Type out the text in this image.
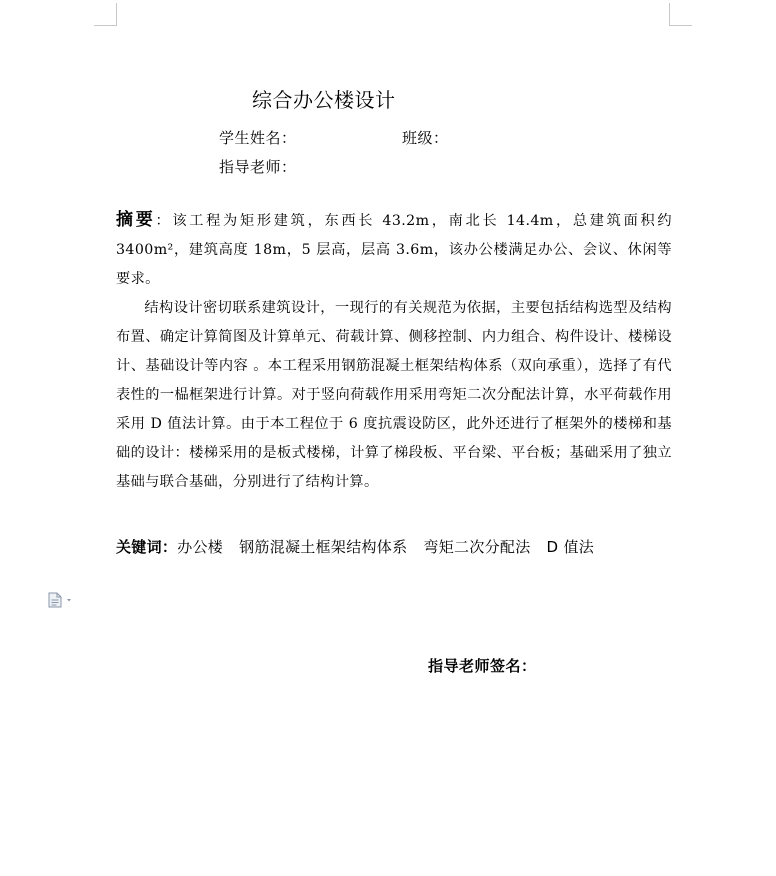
综合办公楼设计
学生姓名：	班级：
指导老师：

摘要：该工程为矩形建筑，东西长 43.2m，南北长 14.4m，总建筑面积约 3400m²，建筑高度 18m，5 层高，层高 3.6m，该办公楼满足办公、会议、休闲等要求。

结构设计密切联系建筑设计，一现行的有关规范为依据，主要包括结构选型及结构布置、确定计算简图及计算单元、荷载计算、侧移控制、内力组合、构件设计、楼梯设计、基础设计等内容 。本工程采用钢筋混凝土框架结构体系（双向承重），选择了有代表性的一榀框架进行计算。对于竖向荷载作用采用弯矩二次分配法计算，水平荷载作用采用 D 值法计算。由于本工程位于 6 度抗震设防区，此外还进行了框架外的楼梯和基础的设计：楼梯采用的是板式楼梯，计算了梯段板、平台梁、平台板；基础采用了独立基础与联合基础，分别进行了结构计算。

关键词：办公楼 钢筋混凝土框架结构体系 弯矩二次分配法 D 值法
指导老师签名：
